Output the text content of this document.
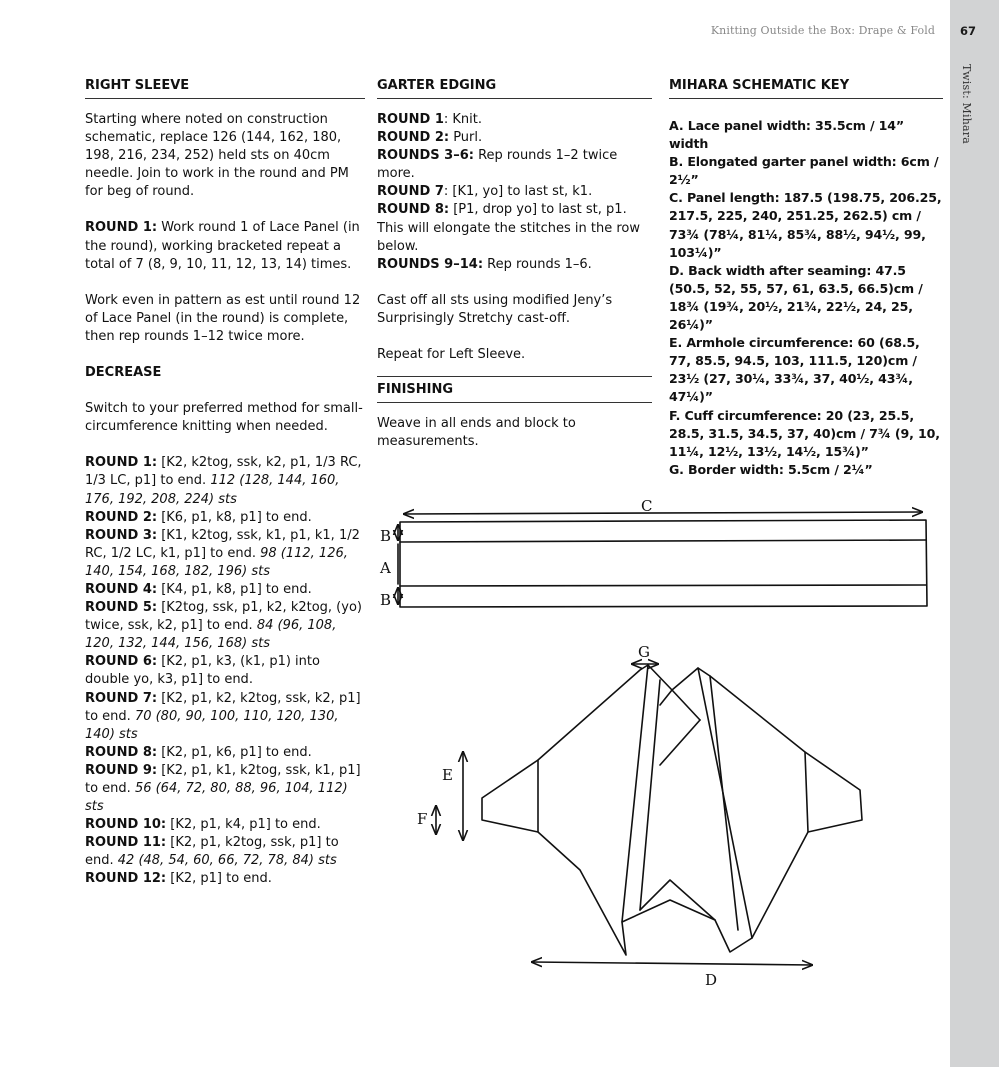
Knitting Outside the Box: Drape & Fold	67
Twist: Mihara
RIGHT SLEEVE

Starting where noted on construction schematic, replace 126 (144, 162, 180, 198, 216, 234, 252) held sts on 40cm needle. Join to work in the round and PM for beg of round.

ROUND 1: Work round 1 of Lace Panel (in the round), working bracketed repeat a total of 7 (8, 9, 10, 11, 12, 13, 14) times.

Work even in pattern as est until round 12 of Lace Panel (in the round) is complete, then rep rounds 1–12 twice more.

DECREASE

Switch to your preferred method for small-circumference knitting when needed.

ROUND 1: [K2, k2tog, ssk, k2, p1, 1/3 RC, 1/3 LC, p1] to end. 112 (128, 144, 160, 176, 192, 208, 224) sts

ROUND 2: [K6, p1, k8, p1] to end.

ROUND 3: [K1, k2tog, ssk, k1, p1, k1, 1/2 RC, 1/2 LC, k1, p1] to end. 98 (112, 126, 140, 154, 168, 182, 196) sts

ROUND 4: [K4, p1, k8, p1] to end.

ROUND 5: [K2tog, ssk, p1, k2, k2tog, (yo) twice, ssk, k2, p1] to end. 84 (96, 108, 120, 132, 144, 156, 168) sts

ROUND 6: [K2, p1, k3, (k1, p1) into double yo, k3, p1] to end.

ROUND 7: [K2, p1, k2, k2tog, ssk, k2, p1] to end. 70 (80, 90, 100, 110, 120, 130, 140) sts

ROUND 8: [K2, p1, k6, p1] to end.

ROUND 9: [K2, p1, k1, k2tog, ssk, k1, p1] to end. 56 (64, 72, 80, 88, 96, 104, 112) sts

ROUND 10: [K2, p1, k4, p1] to end.

ROUND 11: [K2, p1, k2tog, ssk, p1] to end. 42 (48, 54, 60, 66, 72, 78, 84) sts

ROUND 12: [K2, p1] to end.

GARTER EDGING

ROUND 1: Knit.

ROUND 2: Purl.

ROUNDS 3–6: Rep rounds 1–2 twice more.

ROUND 7: [K1, yo] to last st, k1.

ROUND 8: [P1, drop yo] to last st, p1. This will elongate the stitches in the row below.

ROUNDS 9–14: Rep rounds 1–6.

Cast off all sts using modified Jeny’s Surprisingly Stretchy cast-off.

Repeat for Left Sleeve.

FINISHING

Weave in all ends and block to measurements.

MIHARA SCHEMATIC KEY

A. Lace panel width: 35.5cm / 14” width

B. Elongated garter panel width: 6cm / 2½”

C. Panel length: 187.5 (198.75, 206.25, 217.5, 225, 240, 251.25, 262.5) cm / 73¾ (78¼, 81¼, 85¾, 88½, 94½, 99, 103¼)”

D. Back width after seaming: 47.5 (50.5, 52, 55, 57, 61, 63.5, 66.5)cm / 18¾ (19¾, 20½, 21¾, 22½, 24, 25, 26¼)”

E. Armhole circumference: 60 (68.5, 77, 85.5, 94.5, 103, 111.5, 120)cm / 23½ (27, 30¼, 33¾, 37, 40½, 43¾, 47¼)”

F. Cuff circumference: 20 (23, 25.5, 28.5, 31.5, 34.5, 37, 40)cm / 7¾ (9, 10, 11¼, 12½, 13½, 14½, 15¾)”

G. Border width: 5.5cm / 2¼”

C
B
A
B
G
E
F
D
